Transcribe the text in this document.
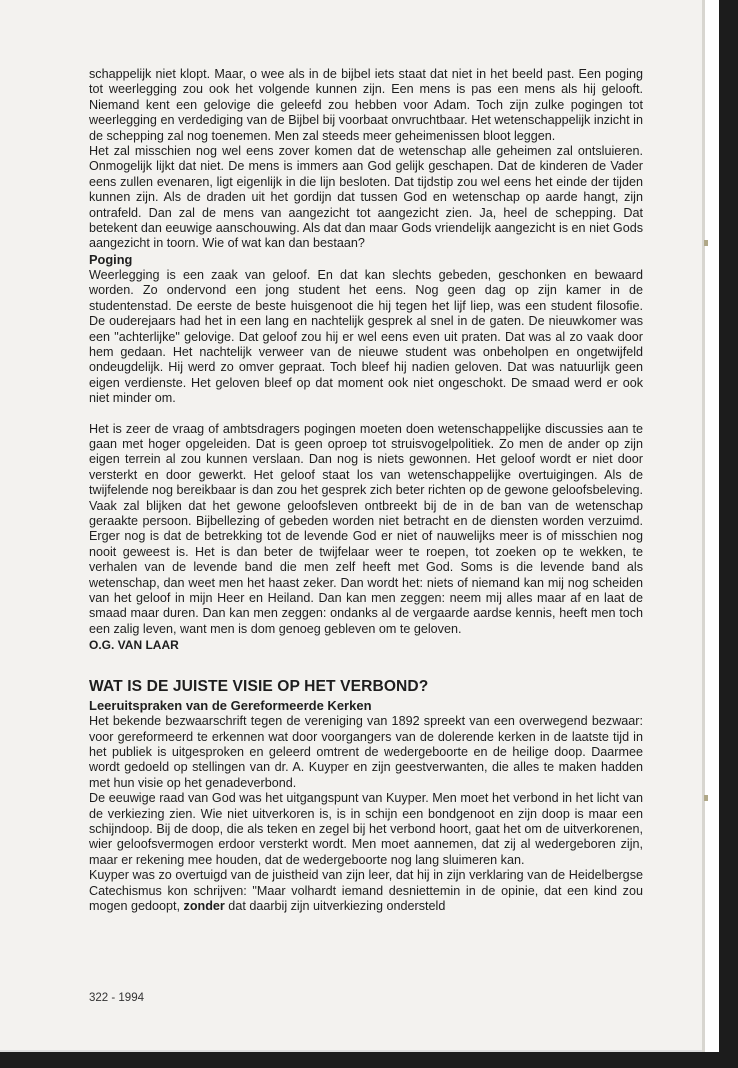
schappelijk niet klopt. Maar, o wee als in de bijbel iets staat dat niet in het beeld past. Een poging tot weerlegging zou ook het volgende kunnen zijn. Een mens is pas een mens als hij gelooft. Niemand kent een gelovige die geleefd zou hebben voor Adam. Toch zijn zulke pogingen tot weerlegging en verdediging van de Bijbel bij voorbaat onvruchtbaar. Het wetenschappelijk inzicht in de schepping zal nog toenemen. Men zal steeds meer geheimenissen bloot leggen.

Het zal misschien nog wel eens zover komen dat de wetenschap alle geheimen zal ontsluieren. Onmogelijk lijkt dat niet. De mens is immers aan God gelijk geschapen. Dat de kinderen de Vader eens zullen evenaren, ligt eigenlijk in die lijn besloten. Dat tijdstip zou wel eens het einde der tijden kunnen zijn. Als de draden uit het gordijn dat tussen God en wetenschap op aarde hangt, zijn ontrafeld. Dan zal de mens van aangezicht tot aangezicht zien. Ja, heel de schepping. Dat betekent dan eeuwige aanschouwing. Als dat dan maar Gods vriendelijk aangezicht is en niet Gods aangezicht in toorn. Wie of wat kan dan bestaan?

Poging

Weerlegging is een zaak van geloof. En dat kan slechts gebeden, geschonken en bewaard worden. Zo ondervond een jong student het eens. Nog geen dag op zijn kamer in de studentenstad. De eerste de beste huisgenoot die hij tegen het lijf liep, was een student filosofie. De ouderejaars had het in een lang en nachtelijk gesprek al snel in de gaten. De nieuwkomer was een "achterlijke" gelovige. Dat geloof zou hij er wel eens even uit praten. Dat was al zo vaak door hem gedaan. Het nachtelijk verweer van de nieuwe student was onbeholpen en ongetwijfeld ondeugdelijk. Hij werd zo omver gepraat. Toch bleef hij nadien geloven. Dat was natuurlijk geen eigen verdienste. Het geloven bleef op dat moment ook niet ongeschokt. De smaad werd er ook niet minder om.

Het is zeer de vraag of ambtsdragers pogingen moeten doen wetenschappelijke discussies aan te gaan met hoger opgeleiden. Dat is geen oproep tot struisvogelpolitiek. Zo men de ander op zijn eigen terrein al zou kunnen verslaan. Dan nog is niets gewonnen. Het geloof wordt er niet door versterkt en door gewerkt. Het geloof staat los van wetenschappelijke overtuigingen. Als de twijfelende nog bereikbaar is dan zou het gesprek zich beter richten op de gewone geloofsbeleving. Vaak zal blijken dat het gewone geloofsleven ontbreekt bij de in de ban van de wetenschap geraakte persoon. Bijbellezing of gebeden worden niet betracht en de diensten worden verzuimd. Erger nog is dat de betrekking tot de levende God er niet of nauwelijks meer is of misschien nog nooit geweest is. Het is dan beter de twijfelaar weer te roepen, tot zoeken op te wekken, te verhalen van de levende band die men zelf heeft met God. Soms is die levende band als wetenschap, dan weet men het haast zeker. Dan wordt het: niets of niemand kan mij nog scheiden van het geloof in mijn Heer en Heiland. Dan kan men zeggen: neem mij alles maar af en laat de smaad maar duren. Dan kan men zeggen: ondanks al de vergaarde aardse kennis, heeft men toch een zalig leven, want men is dom genoeg gebleven om te geloven.

O.G. VAN LAAR

WAT IS DE JUISTE VISIE OP HET VERBOND?

Leeruitspraken van de Gereformeerde Kerken

Het bekende bezwaarschrift tegen de vereniging van 1892 spreekt van een overwegend bezwaar: voor gereformeerd te erkennen wat door voorgangers van de dolerende kerken in de laatste tijd in het publiek is uitgesproken en geleerd omtrent de wedergeboorte en de heilige doop. Daarmee wordt gedoeld op stellingen van dr. A. Kuyper en zijn geestverwanten, die alles te maken hadden met hun visie op het genadeverbond.

De eeuwige raad van God was het uitgangspunt van Kuyper. Men moet het verbond in het licht van de verkiezing zien. Wie niet uitverkoren is, is in schijn een bondgenoot en zijn doop is maar een schijndoop. Bij de doop, die als teken en zegel bij het verbond hoort, gaat het om de uitverkorenen, wier geloofsvermogen erdoor versterkt wordt. Men moet aannemen, dat zij al wedergeboren zijn, maar er rekening mee houden, dat de wedergeboorte nog lang sluimeren kan.

Kuyper was zo overtuigd van de juistheid van zijn leer, dat hij in zijn verklaring van de Heidelbergse Catechismus kon schrijven: "Maar volhardt iemand desniettemin in de opinie, dat een kind zou mogen gedoopt, zonder dat daarbij zijn uitverkiezing ondersteld

322 - 1994
